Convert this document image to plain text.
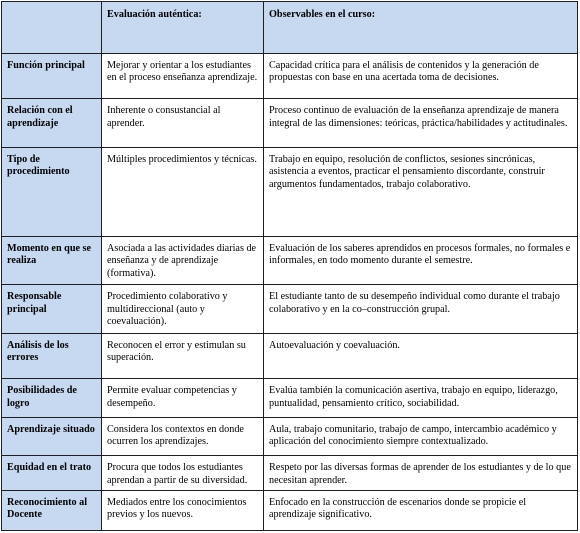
	Evaluación auténtica:	Observables en el curso:
Función principal	Mejorar y orientar a los estudiantes en el proceso enseñanza aprendizaje.	Capacidad crítica para el análisis de contenidos y la generación de propuestas con base en una acertada toma de decisiones.
Relación con el aprendizaje	Inherente o consustancial al aprender.	Proceso continuo de evaluación de la enseñanza aprendizaje de manera integral de las dimensiones: teóricas, práctica/habilidades y actitudinales.
Tipo de procedimiento	Múltiples procedimientos y técnicas.	Trabajo en equipo, resolución de conflictos, sesiones sincrónicas, asistencia a eventos, practicar el pensamiento discordante, construir argumentos fundamentados, trabajo colaborativo.
Momento en que se realiza	Asociada a las actividades diarias de enseñanza y de aprendizaje (formativa).	Evaluación de los saberes aprendidos en procesos formales, no formales e informales, en todo momento durante el semestre.
Responsable principal	Procedimiento colaborativo y multidireccional (auto y coevaluación).	El estudiante tanto de su desempeño individual como durante el trabajo colaborativo y en la co–construcción grupal.
Análisis de los errores	Reconocen el error y estimulan su superación.	Autoevaluación y coevaluación.
Posibilidades de logro	Permite evaluar competencias y desempeño.	Evalúa también la comunicación asertiva, trabajo en equipo, liderazgo, puntualidad, pensamiento crítico, sociabilidad.
Aprendizaje situado	Considera los contextos en donde ocurren los aprendizajes.	Aula, trabajo comunitario, trabajo de campo, intercambio académico y aplicación del conocimiento siempre contextualizado.
Equidad en el trato	Procura que todos los estudiantes aprendan a partir de su diversidad.	Respeto por las diversas formas de aprender de los estudiantes y de lo que necesitan aprender.
Reconocimiento al Docente	Mediados entre los conocimientos previos y los nuevos.	Enfocado en la construcción de escenarios donde se propicie el aprendizaje significativo.
